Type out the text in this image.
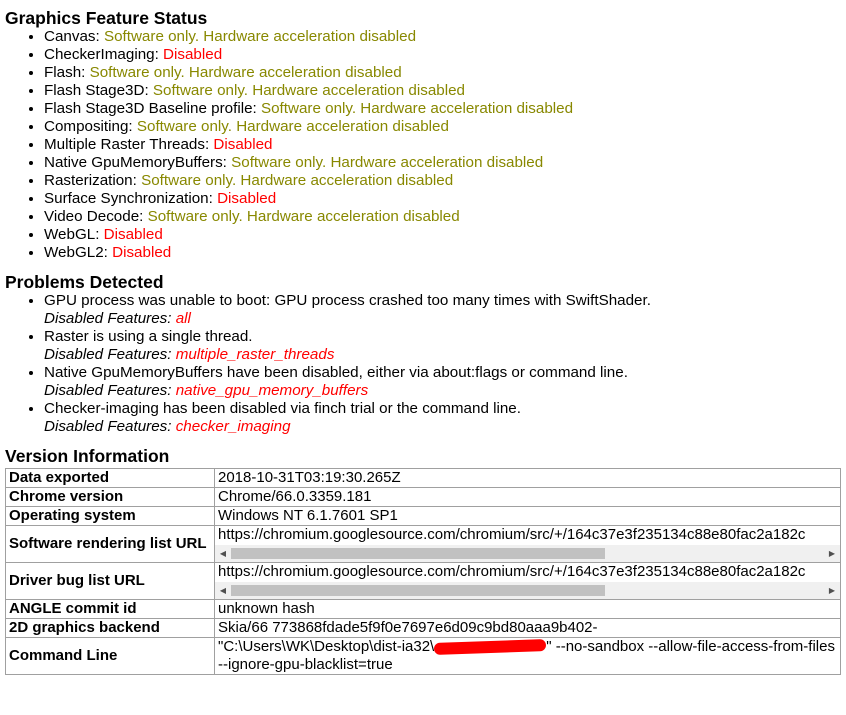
Graphics Feature Status
• Canvas: Software only. Hardware acceleration disabled
• CheckerImaging: Disabled
• Flash: Software only. Hardware acceleration disabled
• Flash Stage3D: Software only. Hardware acceleration disabled
• Flash Stage3D Baseline profile: Software only. Hardware acceleration disabled
• Compositing: Software only. Hardware acceleration disabled
• Multiple Raster Threads: Disabled
• Native GpuMemoryBuffers: Software only. Hardware acceleration disabled
• Rasterization: Software only. Hardware acceleration disabled
• Surface Synchronization: Disabled
• Video Decode: Software only. Hardware acceleration disabled
• WebGL: Disabled
• WebGL2: Disabled
Problems Detected
• GPU process was unable to boot: GPU process crashed too many times with SwiftShader.
Disabled Features: all
• Raster is using a single thread.
Disabled Features: multiple_raster_threads
• Native GpuMemoryBuffers have been disabled, either via about:flags or command line.
Disabled Features: native_gpu_memory_buffers
• Checker-imaging has been disabled via finch trial or the command line.
Disabled Features: checker_imaging
Version Information
Data exported	2018-10-31T03:19:30.265Z
Chrome version	Chrome/66.0.3359.181
Operating system	Windows NT 6.1.7601 SP1
Software rendering list URL	https://chromium.googlesource.com/chromium/src/+/164c37e3f235134c88e80fac2a182c
◀ ▶

Driver bug list URL	https://chromium.googlesource.com/chromium/src/+/164c37e3f235134c88e80fac2a182c
◀ ▶

ANGLE commit id	unknown hash
2D graphics backend	Skia/66 773868fdade5f9f0e7697e6d09c9bd80aaa9b402-
Command Line	"C:\Users\WK\Desktop\dist-ia32\ " --no-sandbox --allow-file-access-from-files --ignore-gpu-blacklist=true
